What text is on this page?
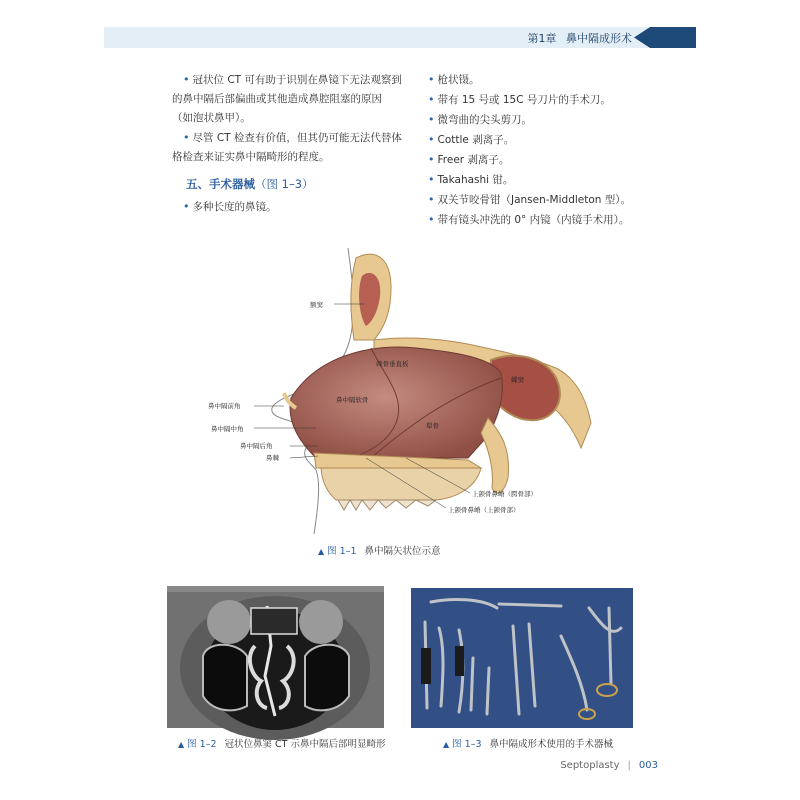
第1章 鼻中隔成形术

• 冠状位 CT 可有助于识别在鼻镜下无法观察到的鼻中隔后部偏曲或其他造成鼻腔阻塞的原因（如泡状鼻甲）。

• 尽管 CT 检查有价值，但其仍可能无法代替体格检查来证实鼻中隔畸形的程度。

五、手术器械（图 1–3）
• 多种长度的鼻镜。
• 枪状镊。
• 带有 15 号或 15C 号刀片的手术刀。
• 微弯曲的尖头剪刀。
• Cottle 剥离子。
• Freer 剥离子。
• Takahashi 钳。
• 双关节咬骨钳（Jansen-Middleton 型）。
• 带有镜头冲洗的 0° 内镜（内镜手术用）。
额窦
筛骨垂直板
蝶窦
鼻中隔软骨
犁骨
鼻中隔前角
鼻中隔中角
鼻中隔后角
鼻棘
上颌骨鼻嵴（腭骨部）
上颌骨鼻嵴（上颌骨部）
▲ 图 1–1 鼻中隔矢状位示意
▲ 图 1–2 冠状位鼻窦 CT 示鼻中隔后部明显畸形	▲ 图 1–3 鼻中隔成形术使用的手术器械
Septoplasty | 003
